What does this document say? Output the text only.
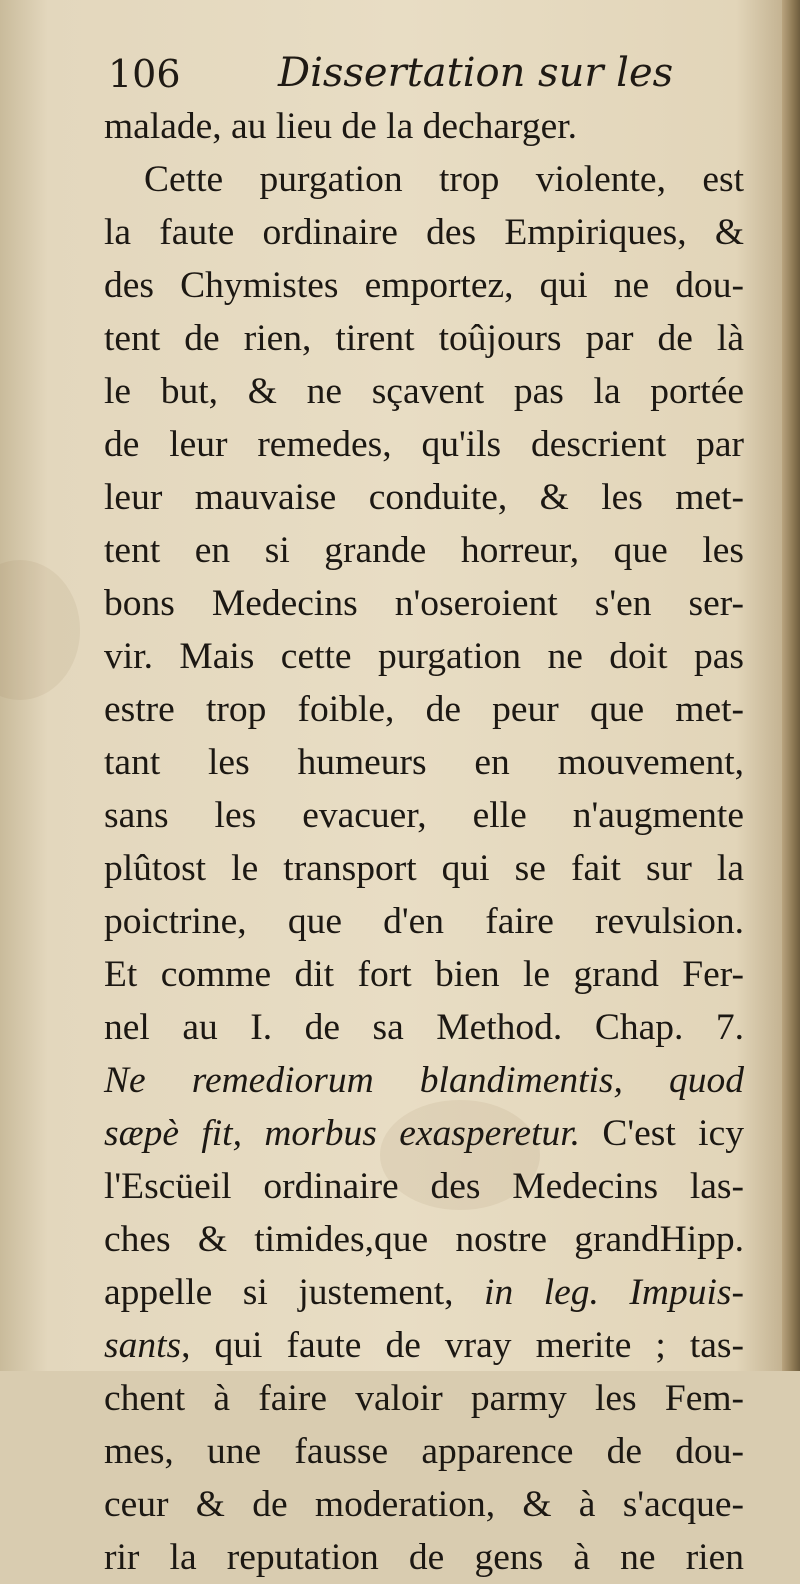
106 Dissertation sur les
malade, au lieu de la decharger.
Cette purgation trop violente, est
la faute ordinaire des Empiriques, &
des Chymistes emportez, qui ne dou-
tent de rien, tirent toûjours par de là
le but, & ne sçavent pas la portée
de leur remedes, qu'ils descrient par
leur mauvaise conduite, & les met-
tent en si grande horreur, que les
bons Medecins n'oseroient s'en ser-
vir. Mais cette purgation ne doit pas
estre trop foible, de peur que met-
tant les humeurs en mouvement,
sans les evacuer, elle n'augmente
plûtost le transport qui se fait sur la
poictrine, que d'en faire revulsion.
Et comme dit fort bien le grand Fer-
nel au I. de sa Method. Chap. 7.
Ne remediorum blandimentis, quod
sæpè fit, morbus exasperetur. C'est icy
l'Escüeil ordinaire des Medecins las-
ches & timides,que nostre grandHipp.
appelle si justement, in leg. Impuis-
sants, qui faute de vray merite ; tas-
chent à faire valoir parmy les Fem-
mes, une fausse apparence de dou-
ceur & de moderation, & à s'acque-
rir la reputation de gens à ne rien
